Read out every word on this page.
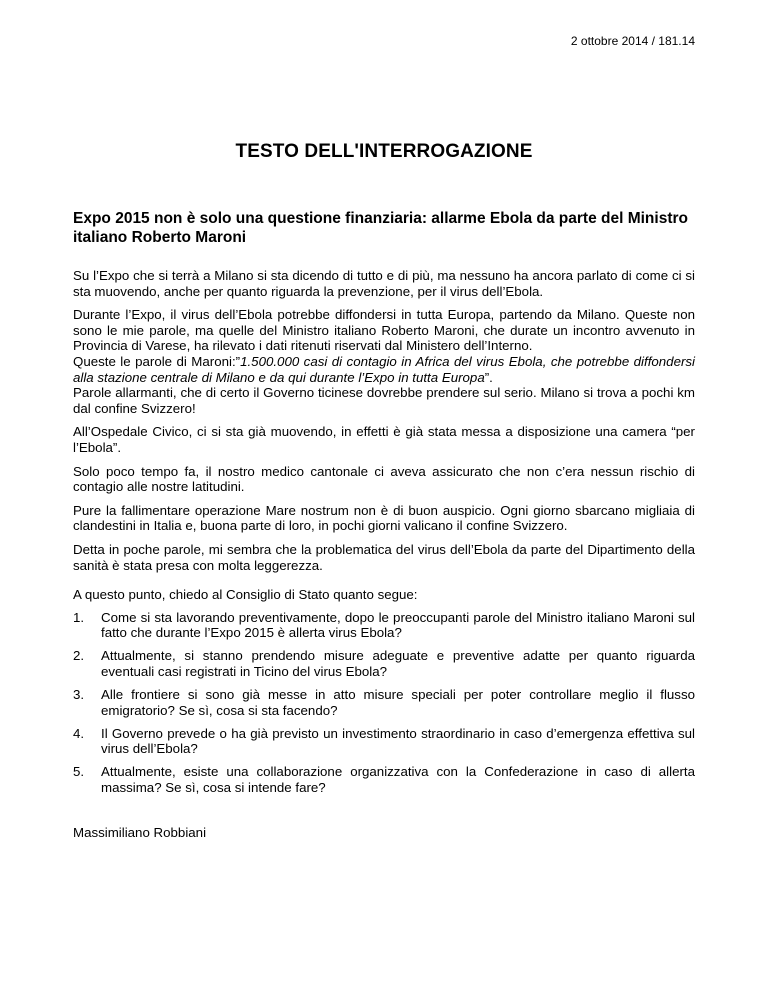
2 ottobre 2014 / 181.14
TESTO DELL'INTERROGAZIONE

Expo 2015 non è solo una questione finanziaria: allarme Ebola da parte del Ministro italiano Roberto Maroni

Su l’Expo che si terrà a Milano si sta dicendo di tutto e di più, ma nessuno ha ancora parlato di come ci si sta muovendo, anche per quanto riguarda la prevenzione, per il virus dell’Ebola.

Durante l’Expo, il virus dell’Ebola potrebbe diffondersi in tutta Europa, partendo da Milano. Queste non sono le mie parole, ma quelle del Ministro italiano Roberto Maroni, che durate un incontro avvenuto in Provincia di Varese, ha rilevato i dati ritenuti riservati dal Ministero dell’Interno.
Queste le parole di Maroni:”1.500.000 casi di contagio in Africa del virus Ebola, che potrebbe diffondersi alla stazione centrale di Milano e da qui durante l’Expo in tutta Europa”.
Parole allarmanti, che di certo il Governo ticinese dovrebbe prendere sul serio. Milano si trova a pochi km dal confine Svizzero!

All’Ospedale Civico, ci si sta già muovendo, in effetti è già stata messa a disposizione una camera “per l’Ebola”.

Solo poco tempo fa, il nostro medico cantonale ci aveva assicurato che non c’era nessun rischio di contagio alle nostre latitudini.

Pure la fallimentare operazione Mare nostrum non è di buon auspicio. Ogni giorno sbarcano migliaia di clandestini in Italia e, buona parte di loro, in pochi giorni valicano il confine Svizzero.

Detta in poche parole, mi sembra che la problematica del virus dell’Ebola da parte del Dipartimento della sanità è stata presa con molta leggerezza.

A questo punto, chiedo al Consiglio di Stato quanto segue:

1.	Come si sta lavorando preventivamente, dopo le preoccupanti parole del Ministro italiano Maroni sul fatto che durante l’Expo 2015 è allerta virus Ebola?
2.	Attualmente, si stanno prendendo misure adeguate e preventive adatte per quanto riguarda eventuali casi registrati in Ticino del virus Ebola?
3.	Alle frontiere si sono già messe in atto misure speciali per poter controllare meglio il flusso emigratorio? Se sì, cosa si sta facendo?
4.	Il Governo prevede o ha già previsto un investimento straordinario in caso d’emergenza effettiva sul virus dell’Ebola?
5.	Attualmente, esiste una collaborazione organizzativa con la Confederazione in caso di allerta massima? Se sì, cosa si intende fare?

Massimiliano Robbiani
